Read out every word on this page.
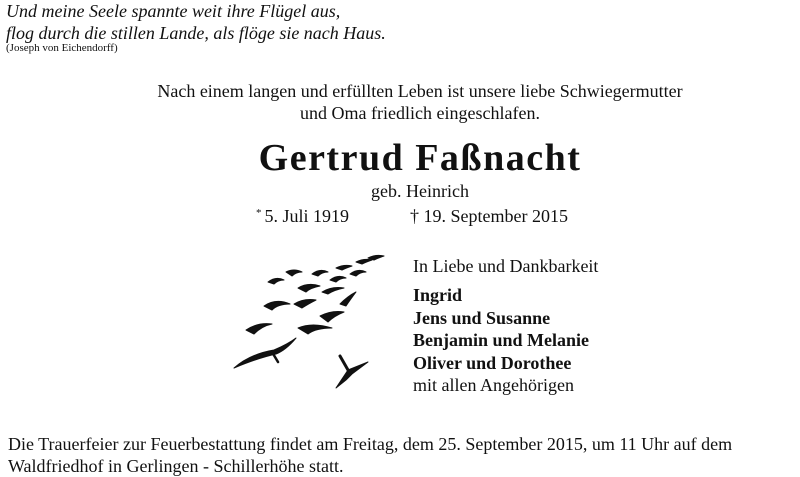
Und meine Seele spannte weit ihre Flügel aus,
flog durch die stillen Lande, als flöge sie nach Haus.
(Joseph von Eichendorff)
Nach einem langen und erfüllten Leben ist unsere liebe Schwiegermutter
und Oma friedlich eingeschlafen.
Gertrud Faßnacht
geb. Heinrich
* 5. Juli 1919	† 19. September 2015
In Liebe und Dankbarkeit
Ingrid
Jens und Susanne
Benjamin und Melanie
Oliver und Dorothee
mit allen Angehörigen
Die Trauerfeier zur Feuerbestattung findet am Freitag, dem 25. September 2015, um 11 Uhr auf dem
Waldfriedhof in Gerlingen - Schillerhöhe statt.
